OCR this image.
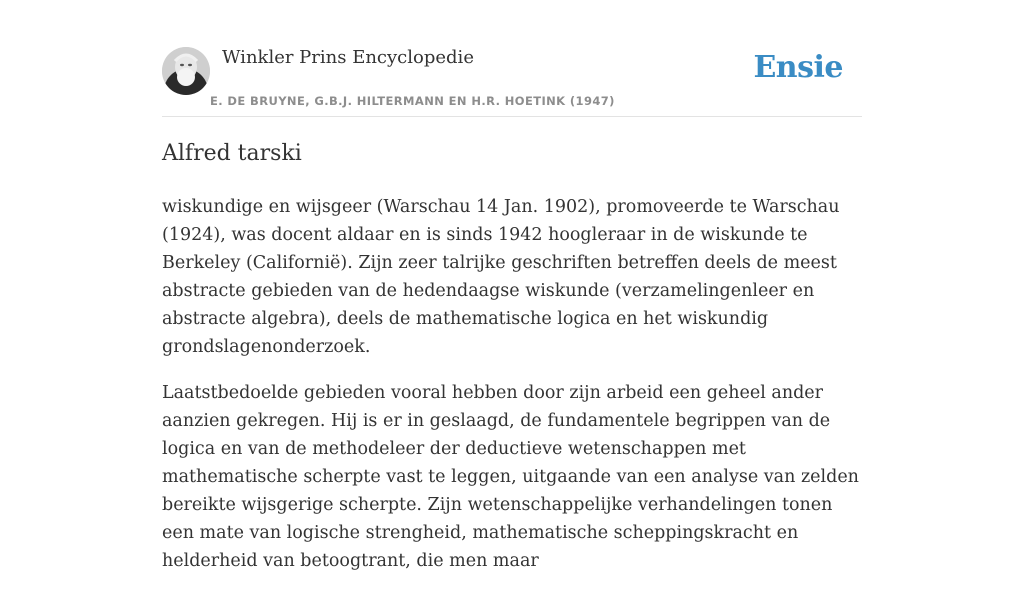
Winkler Prins Encyclopedie
E. DE BRUYNE, G.B.J. HILTERMANN EN H.R. HOETINK (1947)
Ensie
Alfred tarski

wiskundige en wijsgeer (Warschau 14 Jan. 1902), promoveerde te Warschau (1924), was docent aldaar en is sinds 1942 hoogleraar in de wiskunde te Berkeley (Californië). Zijn zeer talrijke geschriften betreffen deels de meest abstracte gebieden van de hedendaagse wiskunde (verzamelingenleer en abstracte algebra), deels de mathematische logica en het wiskundig grondslagenonderzoek.

Laatstbedoelde gebieden vooral hebben door zijn arbeid een geheel ander aanzien gekregen. Hij is er in geslaagd, de fundamentele begrippen van de logica en van de methodeleer der deductieve wetenschappen met mathematische scherpte vast te leggen, uitgaande van een analyse van zelden bereikte wijsgerige scherpte. Zijn wetenschappelijke verhandelingen tonen een mate van logische strengheid, mathematische scheppingskracht en helderheid van betoogtrant, die men maar
